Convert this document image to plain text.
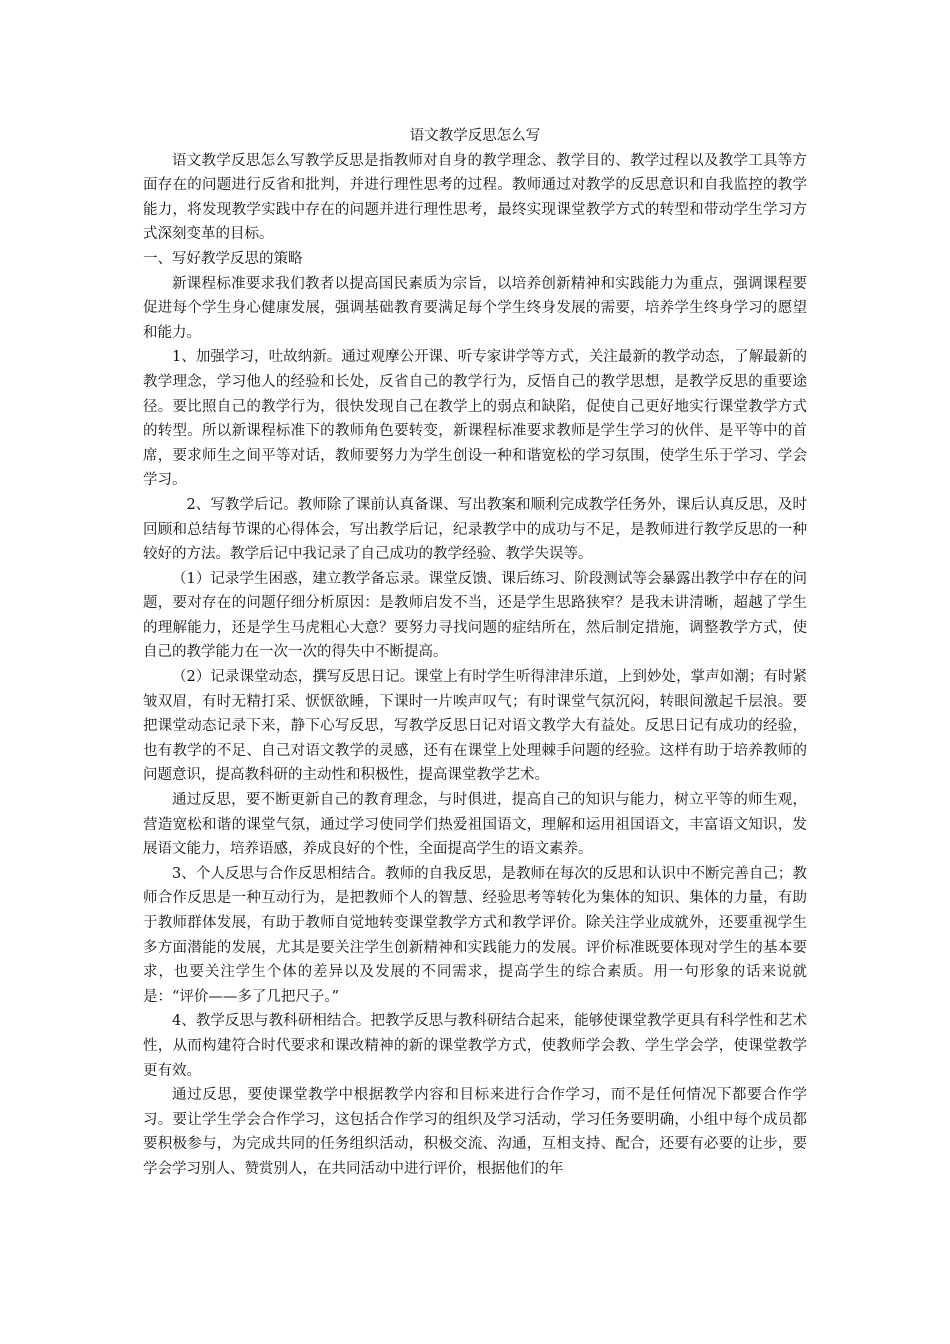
语文教学反思怎么写

语文教学反思怎么写教学反思是指教师对自身的教学理念、教学目的、教学过程以及教学工具等方面存在的问题进行反省和批判，并进行理性思考的过程。教师通过对教学的反思意识和自我监控的教学能力，将发现教学实践中存在的问题并进行理性思考，最终实现课堂教学方式的转型和带动学生学习方式深刻变革的目标。

一、写好教学反思的策略

新课程标准要求我们教者以提高国民素质为宗旨，以培养创新精神和实践能力为重点，强调课程要促进每个学生身心健康发展，强调基础教育要满足每个学生终身发展的需要，培养学生终身学习的愿望和能力。

1、加强学习，吐故纳新。通过观摩公开课、听专家讲学等方式，关注最新的教学动态，了解最新的教学理念，学习他人的经验和长处，反省自己的教学行为，反悟自己的教学思想，是教学反思的重要途径。要比照自己的教学行为，很快发现自己在教学上的弱点和缺陷，促使自己更好地实行课堂教学方式的转型。所以新课程标准下的教师角色要转变，新课程标准要求教师是学生学习的伙伴、是平等中的首席，要求师生之间平等对话，教师要努力为学生创设一种和谐宽松的学习氛围，使学生乐于学习、学会学习。

2、写教学后记。教师除了课前认真备课、写出教案和顺利完成教学任务外，课后认真反思，及时回顾和总结每节课的心得体会，写出教学后记，纪录教学中的成功与不足，是教师进行教学反思的一种较好的方法。教学后记中我记录了自己成功的教学经验、教学失误等。

（1）记录学生困惑，建立教学备忘录。课堂反馈、课后练习、阶段测试等会暴露出教学中存在的问题，要对存在的问题仔细分析原因：是教师启发不当，还是学生思路狭窄？是我未讲清晰，超越了学生的理解能力，还是学生马虎粗心大意？要努力寻找问题的症结所在，然后制定措施，调整教学方式，使自己的教学能力在一次一次的得失中不断提高。

（2）记录课堂动态，撰写反思日记。课堂上有时学生听得津津乐道，上到妙处，掌声如潮；有时紧皱双眉，有时无精打采、恹恹欲睡，下课时一片唉声叹气；有时课堂气氛沉闷，转眼间激起千层浪。要把课堂动态记录下来，静下心写反思，写教学反思日记对语文教学大有益处。反思日记有成功的经验，也有教学的不足、自己对语文教学的灵感，还有在课堂上处理棘手问题的经验。这样有助于培养教师的问题意识，提高教科研的主动性和积极性，提高课堂教学艺术。

通过反思，要不断更新自己的教育理念，与时俱进，提高自己的知识与能力，树立平等的师生观，营造宽松和谐的课堂气氛，通过学习使同学们热爱祖国语文，理解和运用祖国语文，丰富语文知识，发展语文能力，培养语感，养成良好的个性，全面提高学生的语文素养。

3、个人反思与合作反思相结合。教师的自我反思，是教师在每次的反思和认识中不断完善自己；教师合作反思是一种互动行为，是把教师个人的智慧、经验思考等转化为集体的知识、集体的力量，有助于教师群体发展，有助于教师自觉地转变课堂教学方式和教学评价。除关注学业成就外，还要重视学生多方面潜能的发展，尤其是要关注学生创新精神和实践能力的发展。评价标准既要体现对学生的基本要求，也要关注学生个体的差异以及发展的不同需求，提高学生的综合素质。用一句形象的话来说就是：“评价——多了几把尺子。”

4、教学反思与教科研相结合。把教学反思与教科研结合起来，能够使课堂教学更具有科学性和艺术性，从而构建符合时代要求和课改精神的新的课堂教学方式，使教师学会教、学生学会学，使课堂教学更有效。

通过反思，要使课堂教学中根据教学内容和目标来进行合作学习，而不是任何情况下都要合作学习。要让学生学会合作学习，这包括合作学习的组织及学习活动，学习任务要明确，小组中每个成员都要积极参与，为完成共同的任务组织活动，积极交流、沟通，互相支持、配合，还要有必要的让步，要学会学习别人、赞赏别人，在共同活动中进行评价，根据他们的年
